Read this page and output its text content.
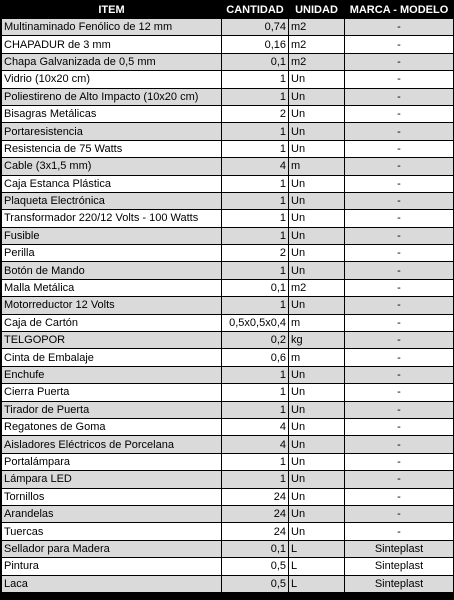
ITEM	CANTIDAD	UNIDAD	MARCA - MODELO
Multinaminado Fenólico de 12 mm	0,74	m2	-
CHAPADUR de 3 mm	0,16	m2	-
Chapa Galvanizada de 0,5 mm	0,1	m2	-
Vidrio (10x20 cm)	1	Un	-
Poliestireno de Alto Impacto (10x20 cm)	1	Un	-
Bisagras Metálicas	2	Un	-
Portaresistencia	1	Un	-
Resistencia de 75 Watts	1	Un	-
Cable (3x1,5 mm)	4	m	-
Caja Estanca Plástica	1	Un	-
Plaqueta Electrónica	1	Un	-
Transformador 220/12 Volts - 100 Watts	1	Un	-
Fusible	1	Un	-
Perilla	2	Un	-
Botón de Mando	1	Un	-
Malla Metálica	0,1	m2	-
Motorreductor 12 Volts	1	Un	-
Caja de Cartón	0,5x0,5x0,4	m	-
TELGOPOR	0,2	kg	-
Cinta de Embalaje	0,6	m	-
Enchufe	1	Un	-
Cierra Puerta	1	Un	-
Tirador de Puerta	1	Un	-
Regatones de Goma	4	Un	-
Aisladores Eléctricos de Porcelana	4	Un	-
Portalámpara	1	Un	-
Lámpara LED	1	Un	-
Tornillos	24	Un	-
Arandelas	24	Un	-
Tuercas	24	Un	-
Sellador para Madera	0,1	L	Sinteplast
Pintura	0,5	L	Sinteplast
Laca	0,5	L	Sinteplast
